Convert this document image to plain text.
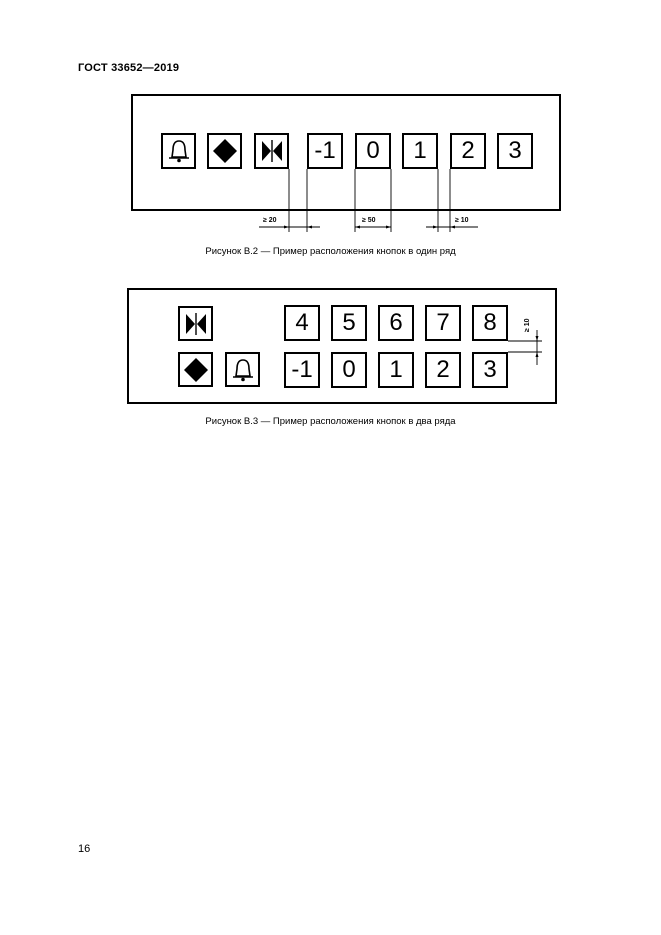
ГОСТ 33652—2019
-1	0	1	2	3
≥ 20	≥ 50	≥ 10
Рисунок В.2 — Пример расположения кнопок в один ряд
4	5	6	7	8
-1	0	1	2	3
≥ 10
Рисунок В.3 — Пример расположения кнопок в два ряда
16
